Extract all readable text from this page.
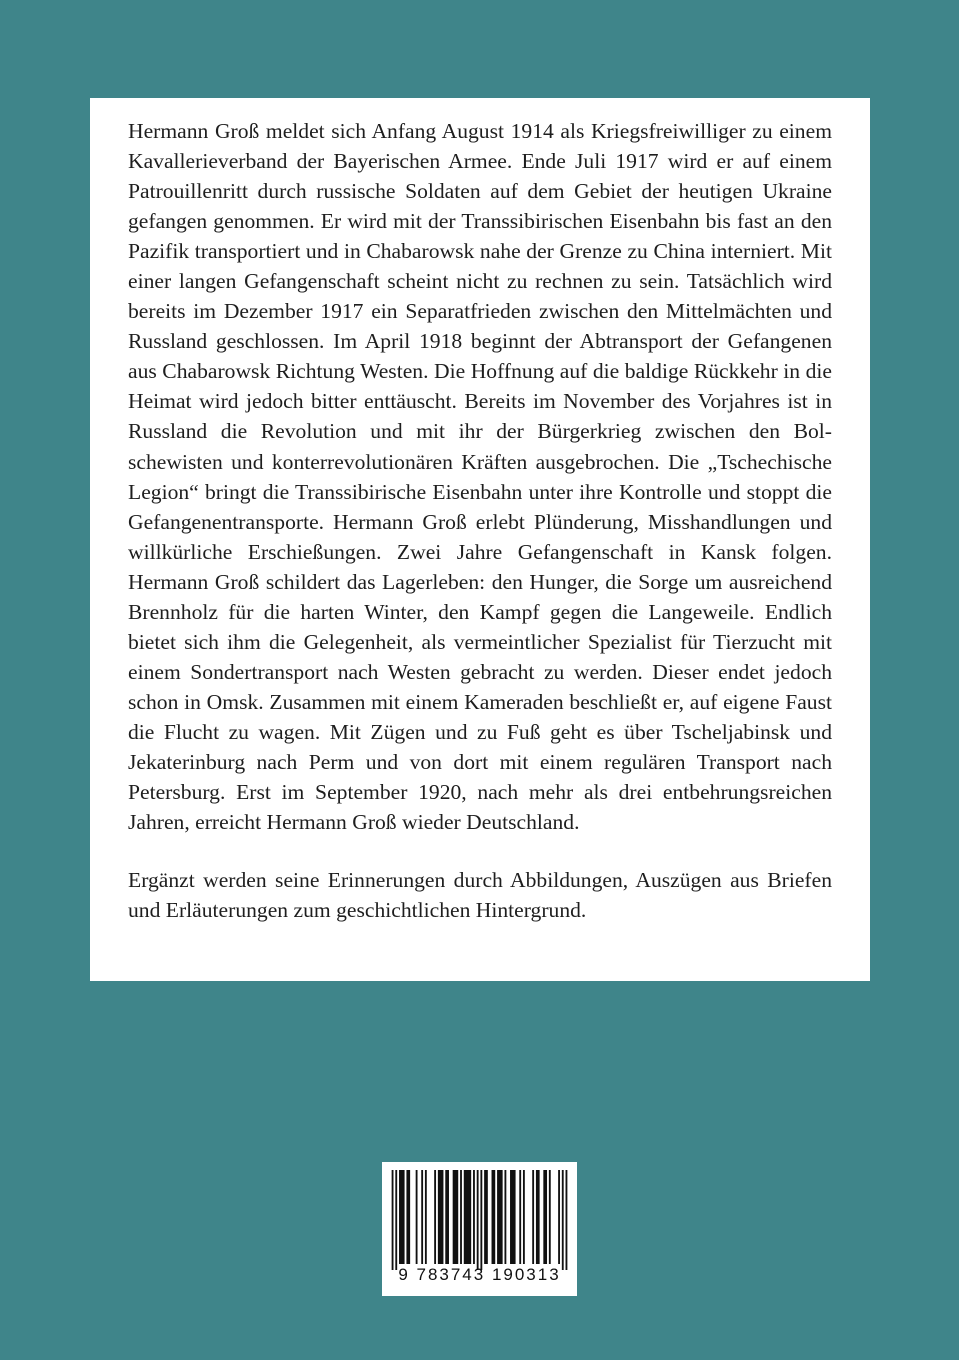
Hermann Groß meldet sich Anfang August 1914 als Kriegsfreiwilliger zu einem Kavallerieverband der Bayerischen Armee. Ende Juli 1917 wird er auf einem Patrouillenritt durch russische Soldaten auf dem Gebiet der heutigen Ukraine gefangen genommen. Er wird mit der Transsibirischen Eisenbahn bis fast an den Pazifik transportiert und in Chabarowsk nahe der Grenze zu China interniert. Mit einer langen Gefangenschaft scheint nicht zu rechnen zu sein. Tatsächlich wird bereits im Dezember 1917 ein Separatfrieden zwischen den Mittelmächten und Russland geschlossen. Im April 1918 beginnt der Abtransport der Gefangenen aus Chabarowsk Richtung Westen. Die Hoffnung auf die baldige Rückkehr in die Heimat wird jedoch bitter enttäuscht. Bereits im November des Vorjahres ist in Russland die Revolution und mit ihr der Bürgerkrieg zwischen den Bolschewisten und konterrevolutionären Kräften ausgebrochen. Die „Tschechische Legion“ bringt die Transsibirische Eisenbahn unter ihre Kontrolle und stoppt die Gefangenentransporte. Hermann Groß erlebt Plünderung, Misshandlungen und willkürliche Erschießungen. Zwei Jahre Gefangenschaft in Kansk folgen. Hermann Groß schildert das Lagerleben: den Hunger, die Sorge um ausreichend Brennholz für die harten Winter, den Kampf gegen die Langeweile. Endlich bietet sich ihm die Gelegenheit, als vermeintlicher Spezialist für Tierzucht mit einem Sondertransport nach Westen gebracht zu werden. Dieser endet jedoch schon in Omsk. Zusammen mit einem Kameraden beschließt er, auf eigene Faust die Flucht zu wagen. Mit Zügen und zu Fuß geht es über Tscheljabinsk und Jekaterinburg nach Perm und von dort mit einem regulären Transport nach Petersburg. Erst im September 1920, nach mehr als drei entbehrungsreichen Jahren, erreicht Hermann Groß wieder Deutschland.

Ergänzt werden seine Erinnerungen durch Abbildungen, Auszügen aus Briefen und Erläuterungen zum geschichtlichen Hintergrund.

9 783743 190313
